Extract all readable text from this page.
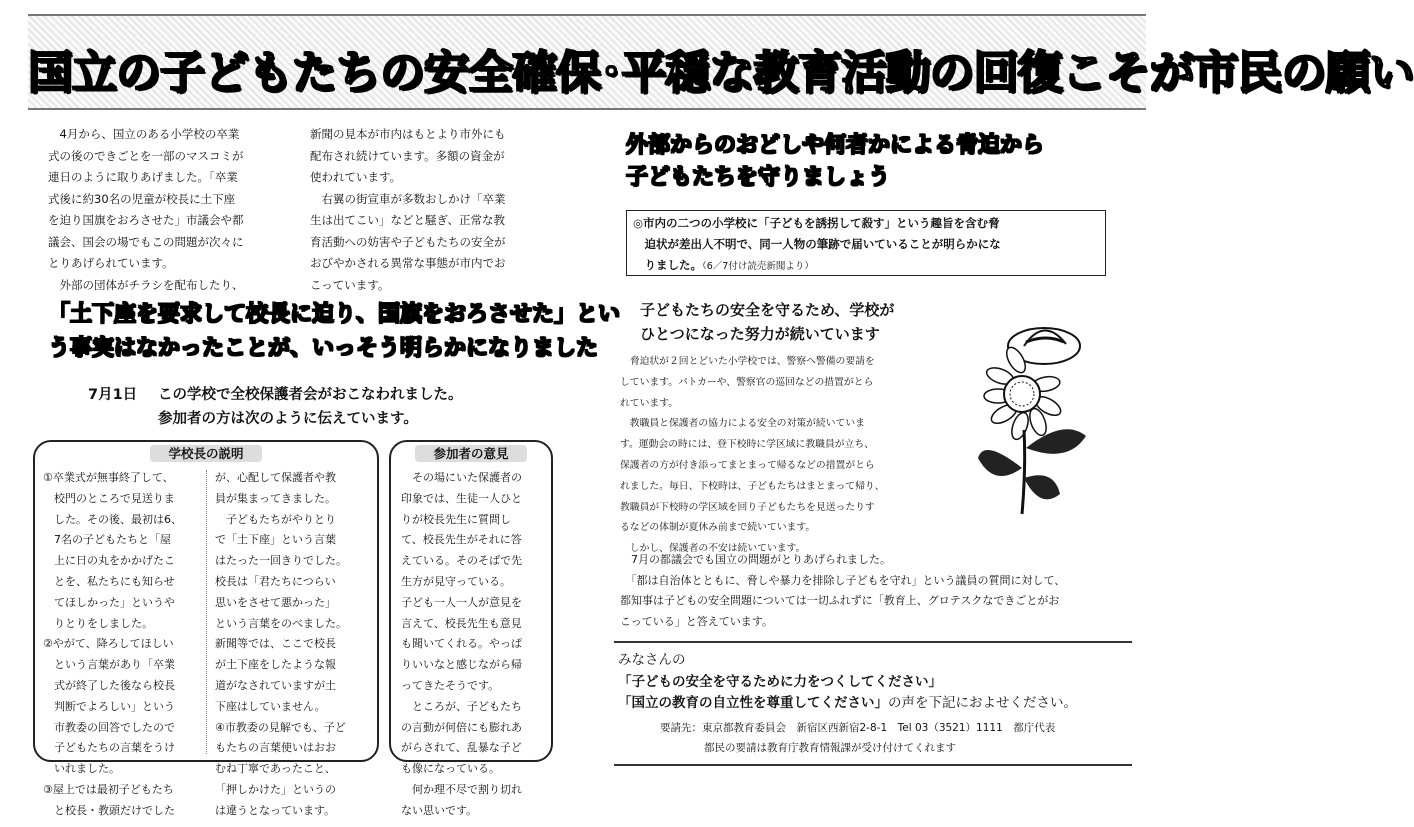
国立の子どもたちの安全確保･平穏な教育活動の回復こそが市民の願い

4月から、国立のある小学校の卒業

式の後のできごとを一部のマスコミが

連日のように取りあげました。「卒業

式後に約30名の児童が校長に土下座

を迫り国旗をおろさせた」市議会や都

議会、国会の場でもこの問題が次々に

とりあげられています。

外部の団体がチラシを配布したり、

新聞の見本が市内はもとより市外にも

配布され続けています。多額の資金が

使われています。

右翼の街宣車が多数おしかけ「卒業

生は出てこい」などと騒ぎ、正常な教

育活動への妨害や子どもたちの安全が

おびやかされる異常な事態が市内でお

こっています。

「土下座を要求して校長に迫り、国旗をおろさせた」とい
う事実はなかったことが、いっそう明らかになりました
7月1日 この学校で全校保護者会がおこなわれました。
参加者の方は次のように伝えています。
学校長の説明

①卒業式が無事終了して、

　校門のところで見送りま

　した。その後、最初は6、

　7名の子どもたちと「屋

　上に日の丸をかかげたこ

　とを、私たちにも知らせ

　てほしかった」というや

　りとりをしました。

②やがて、降ろしてほしい

　という言葉があり「卒業

　式が終了した後なら校長

　判断でよろしい」という

　市教委の回答でしたので

　子どもたちの言葉をうけ

　いれました。

③屋上では最初子どもたち

　と校長・教頭だけでした

が、心配して保護者や教

員が集まってきました。

　子どもたちがやりとり

で「土下座」という言葉

はたった一回きりでした。

校長は「君たちにつらい

思いをさせて悪かった」

という言葉をのべました。

新聞等では、ここで校長

が土下座をしたような報

道がなされていますが土

下座はしていません。

④市教委の見解でも、子ど

もたちの言葉使いはおお

むね丁寧であったこと、

「押しかけた」というの

は違うとなっています。

参加者の意見

その場にいた保護者の

印象では、生徒一人ひと

りが校長先生に質問し

て、校長先生がそれに答

えている。そのそばで先

生方が見守っている。

子ども一人一人が意見を

言えて、校長先生も意見

も聞いてくれる。やっぱ

りいいなと感じながら帰

ってきたそうです。

ところが、子どもたち

の言動が何倍にも膨れあ

がらされて、乱暴な子ど

も像になっている。

何か理不尽で割り切れ

ない思いです。

外部からのおどしや何者かによる脅迫から
子どもたちを守りましょう
◎市内の二つの小学校に「子どもを誘拐して殺す」という趣旨を含む脅
　迫状が差出人不明で、同一人物の筆跡で届いていることが明らかにな
　りました。（6／7付け読売新聞より）
子どもたちの安全を守るため、学校が
ひとつになった努力が続いています

　脅迫状が２回とどいた小学校では、警察へ警備の要請を

しています。パトカーや、警察官の巡回などの措置がとら

れています。

　教職員と保護者の協力による安全の対策が続いていま

す。運動会の時には、登下校時に学区域に教職員が立ち、

保護者の方が付き添ってまとまって帰るなどの措置がとら

れました。毎日、下校時は、子どもたちはまとまって帰り、

教職員が下校時の学区域を回り子どもたちを見送ったりす

るなどの体制が夏休み前まで続いています。

　しかし、保護者の不安は続いています。

　7月の都議会でも国立の問題がとりあげられました。

　「都は自治体とともに、脅しや暴力を排除し子どもを守れ」という議員の質問に対して、

都知事は子どもの安全問題については一切ふれずに「教育上、グロテスクなできごとがお

こっている」と答えています。

みなさんの

「子どもの安全を守るために力をつくしてください」

「国立の教育の自立性を尊重してください」の声を下記におよせください。

要請先：東京都教育委員会　新宿区西新宿2-8-1　Tel 03（3521）1111　都庁代表

都民の要請は教育庁教育情報課が受け付けてくれます
